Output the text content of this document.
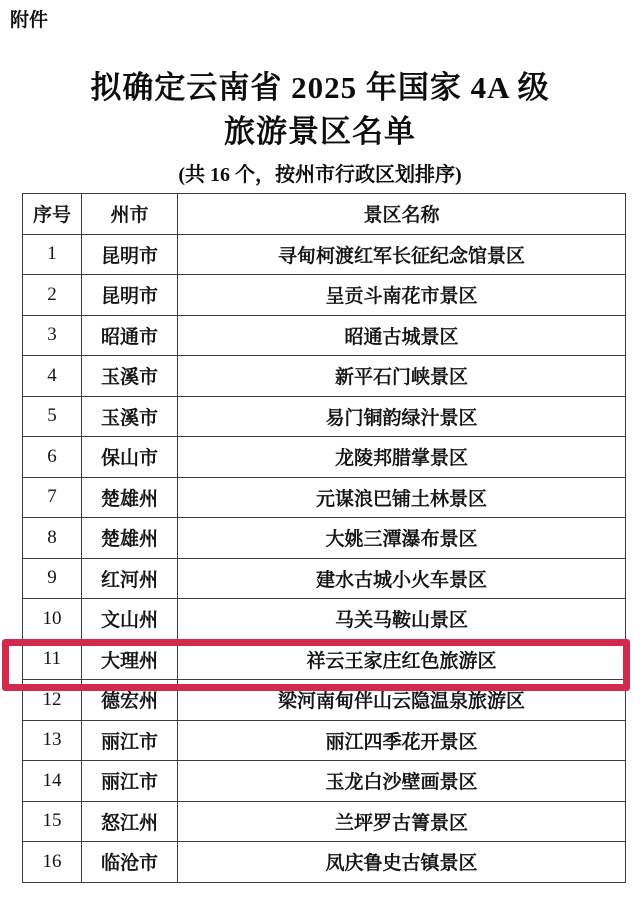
附件
拟确定云南省 2025 年国家 4A 级
旅游景区名单
(共 16 个，按州市行政区划排序)
序号	州市	景区名称
1	昆明市	寻甸柯渡红军长征纪念馆景区
2	昆明市	呈贡斗南花市景区
3	昭通市	昭通古城景区
4	玉溪市	新平石门峡景区
5	玉溪市	易门铜韵绿汁景区
6	保山市	龙陵邦腊掌景区
7	楚雄州	元谋浪巴铺土林景区
8	楚雄州	大姚三潭瀑布景区
9	红河州	建水古城小火车景区
10	文山州	马关马鞍山景区
11	大理州	祥云王家庄红色旅游区
12	德宏州	梁河南甸伴山云隐温泉旅游区
13	丽江市	丽江四季花开景区
14	丽江市	玉龙白沙壁画景区
15	怒江州	兰坪罗古箐景区
16	临沧市	凤庆鲁史古镇景区
